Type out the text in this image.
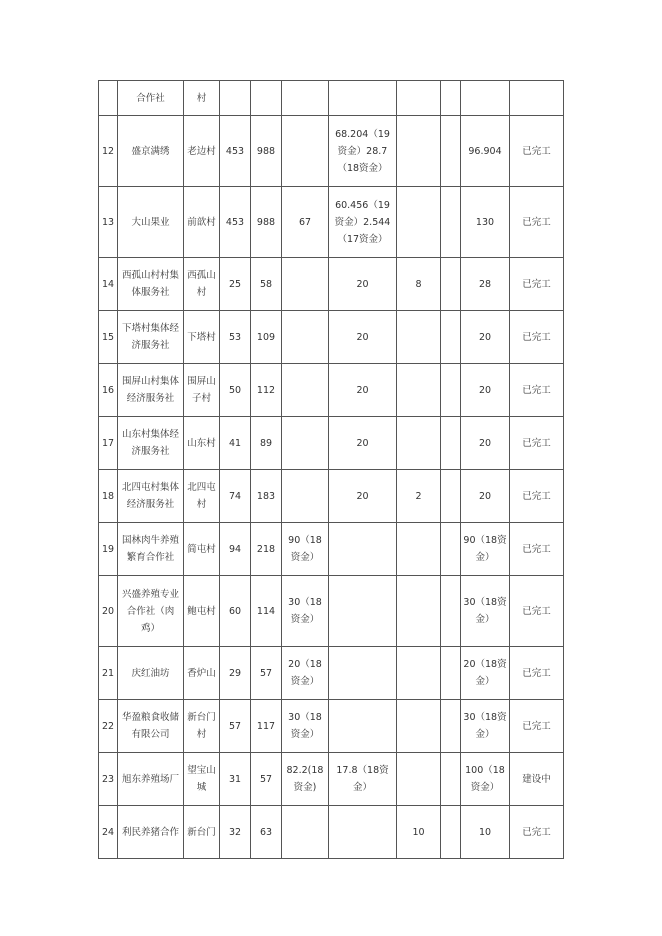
	合作社	村								
12	盛京满绣	老边村	453	988		68.204（19资金）28.7（18资金）			96.904	已完工
13	大山果业	前歆村	453	988	67	60.456（19资金）2.544（17资金）			130	已完工
14	西孤山村村集体服务社	西孤山村	25	58		20	8		28	已完工
15	下塔村集体经济服务社	下塔村	53	109		20			20	已完工
16	围屏山村集体经济服务社	围屏山子村	50	112		20			20	已完工
17	山东村集体经济服务社	山东村	41	89		20			20	已完工
18	北四屯村集体经济服务社	北四屯村	74	183		20	2		20	已完工
19	国林肉牛养殖繁育合作社	简屯村	94	218	90（18资金）				90（18资金）	已完工
20	兴盛养殖专业合作社（肉鸡）	鲍屯村	60	114	30（18资金）				30（18资金）	已完工
21	庆红油坊	香炉山	29	57	20（18资金）				20（18资金）	已完工
22	华盈粮食收储有限公司	新台门村	57	117	30（18资金）				30（18资金）	已完工
23	旭东养殖场厂	望宝山城	31	57	82.2(18资金)	17.8（18资金）			100（18资金）	建设中
24	利民养猪合作	新台门	32	63			10		10	已完工
